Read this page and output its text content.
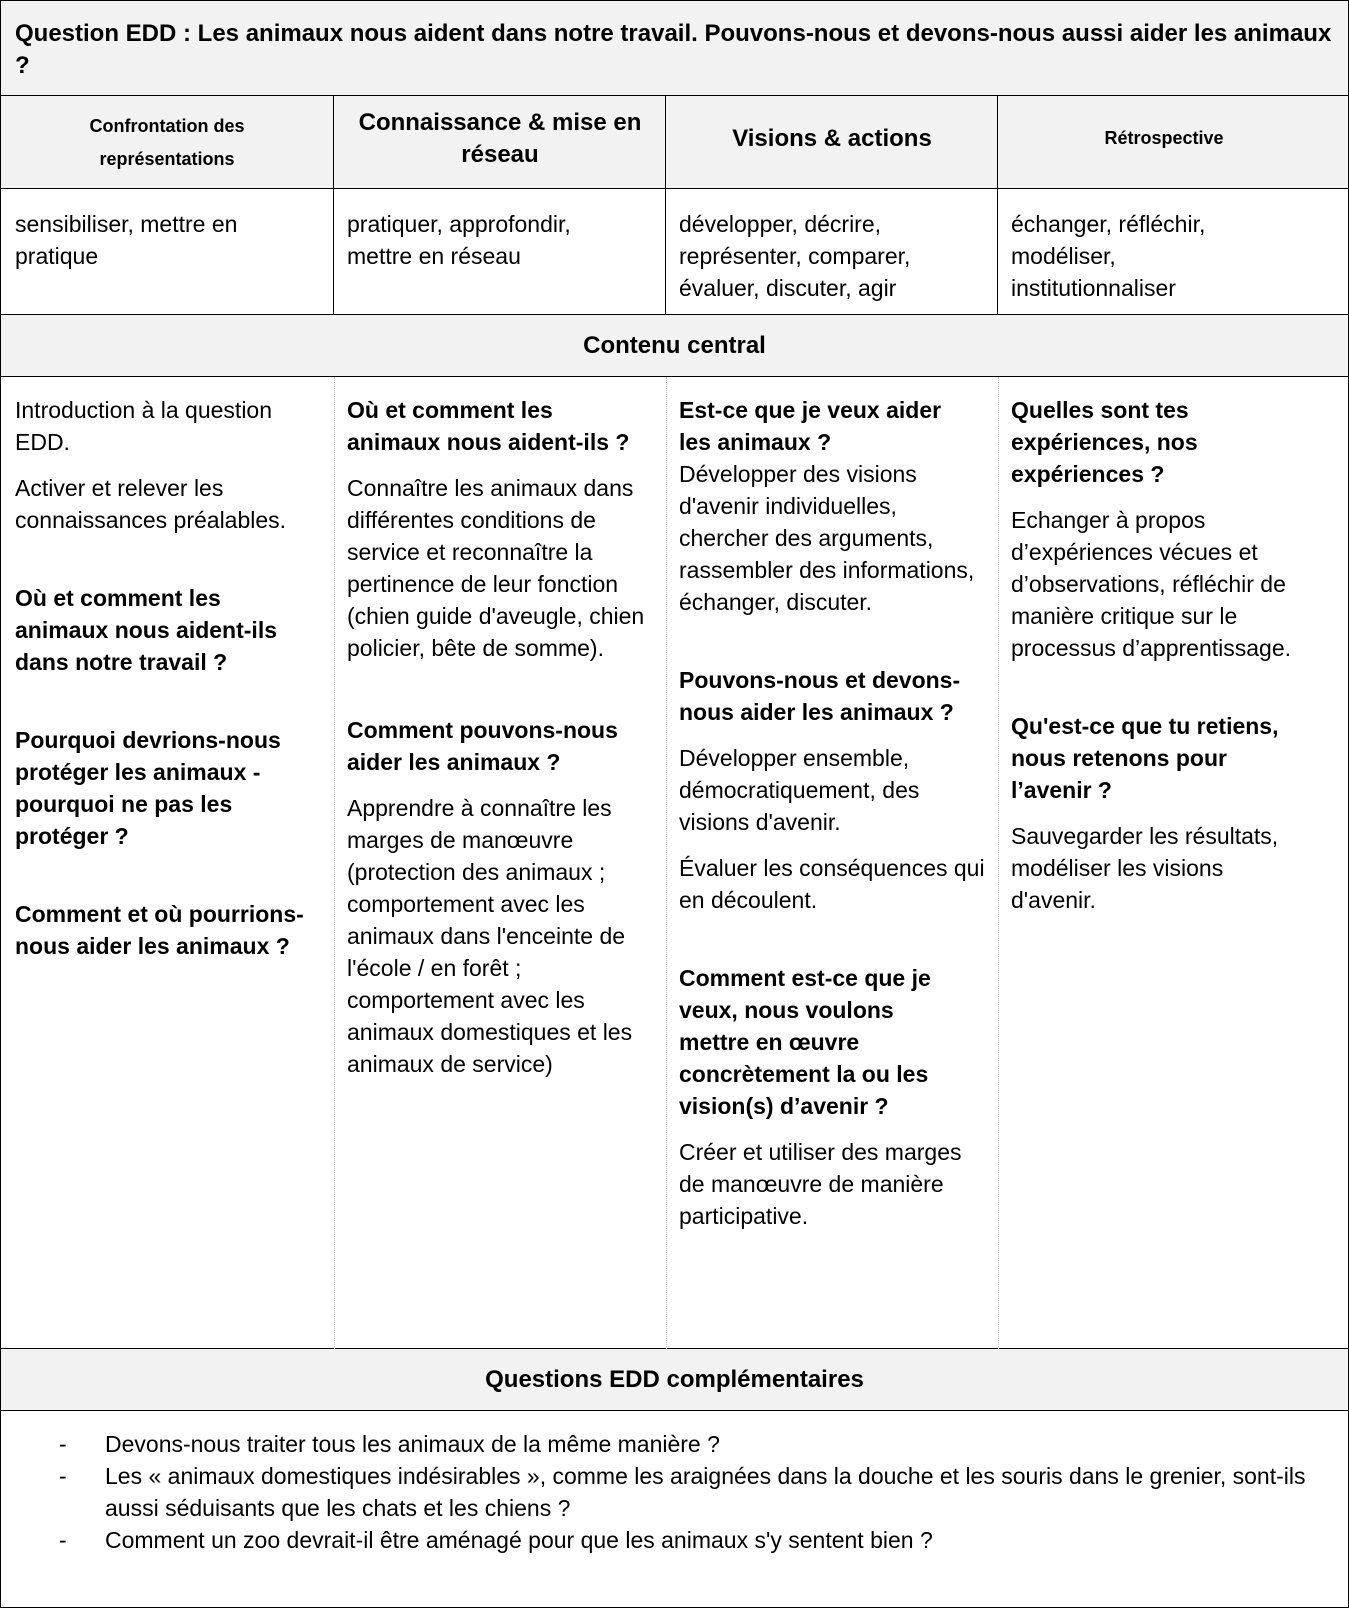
Question EDD : Les animaux nous aident dans notre travail. Pouvons-nous et devons-nous aussi aider les animaux ?
Confrontation des représentations
Connaissance & mise en réseau
Visions & actions	Rétrospective
sensibiliser, mettre en pratique
pratiquer, approfondir, mettre en réseau
développer, décrire, représenter, comparer, évaluer, discuter, agir
échanger, réfléchir, modéliser, institutionnaliser
Contenu central

Introduction à la question EDD.

Activer et relever les connaissances préalables.

Où et comment les animaux nous aident-ils dans notre travail ?

Pourquoi devrions-nous protéger les animaux - pourquoi ne pas les protéger ?

Comment et où pourrions-nous aider les animaux ?

Où et comment les animaux nous aident-ils ?

Connaître les animaux dans différentes conditions de service et reconnaître la pertinence de leur fonction (chien guide d'aveugle, chien policier, bête de somme).

Comment pouvons-nous aider les animaux ?

Apprendre à connaître les marges de manœuvre (protection des animaux ; comportement avec les animaux dans l'enceinte de l'école / en forêt ; comportement avec les animaux domestiques et les animaux de service)

Est-ce que je veux aider les animaux ?

Développer des visions d'avenir individuelles, chercher des arguments, rassembler des informations, échanger, discuter.

Pouvons-nous et devons-nous aider les animaux ?

Développer ensemble, démocratiquement, des visions d'avenir.

Évaluer les conséquences qui en découlent.

Comment est-ce que je veux, nous voulons mettre en œuvre concrètement la ou les vision(s) d’avenir ?

Créer et utiliser des marges de manœuvre de manière participative.

Quelles sont tes expériences, nos expériences ?

Echanger à propos d’expériences vécues et d’observations, réfléchir de manière critique sur le processus d’apprentissage.

Qu'est-ce que tu retiens, nous retenons pour l’avenir ?

Sauvegarder les résultats, modéliser les visions d'avenir.

Questions EDD complémentaires
- Devons-nous traiter tous les animaux de la même manière ?
- Les « animaux domestiques indésirables », comme les araignées dans la douche et les souris dans le grenier, sont-ils aussi séduisants que les chats et les chiens ?
- Comment un zoo devrait-il être aménagé pour que les animaux s'y sentent bien ?
